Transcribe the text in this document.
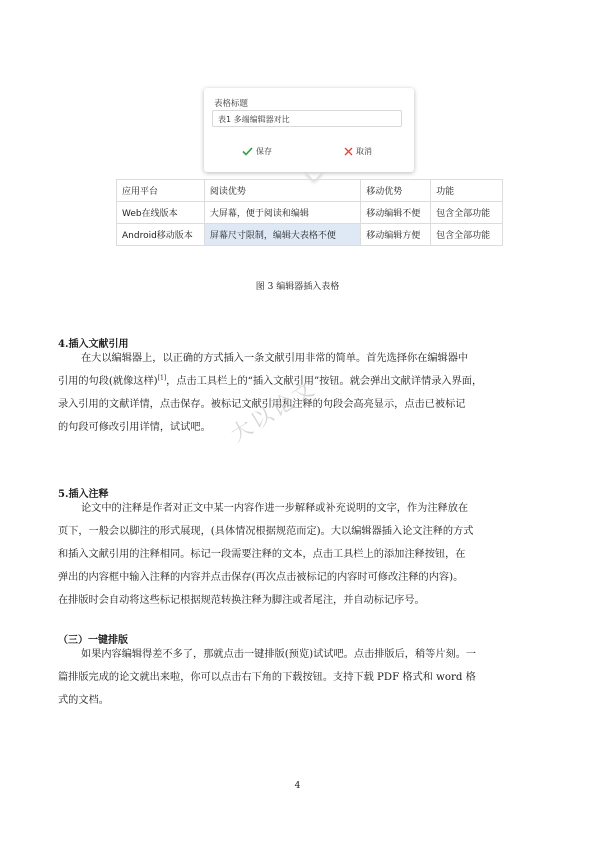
表格标题
表1 多端编辑器对比
保存	取消
应用平台	阅读优势	移动优势	功能
Web在线版本	大屏幕，便于阅读和编辑	移动编辑不便	包含全部功能
Android移动版本	屏幕尺寸限制，编辑大表格不便	移动编辑方便	包含全部功能
图 3 编辑器插入表格
4.插入文献引用
在大以编辑器上，以正确的方式插入一条文献引用非常的简单。首先选择你在编辑器中
引用的句段(就像这样)[1]，点击工具栏上的“插入文献引用”按钮。就会弹出文献详情录入界面，
录入引用的文献详情，点击保存。被标记文献引用和注释的句段会高亮显示，点击已被标记
的句段可修改引用详情，试试吧。 大以论文
5.插入注释
论文中的注释是作者对正文中某一内容作进一步解释或补充说明的文字，作为注释放在
页下，一般会以脚注的形式展现，(具体情况根据规范而定)。大以编辑器插入论文注释的方式
和插入文献引用的注释相同。标记一段需要注释的文本，点击工具栏上的添加注释按钮，在
弹出的内容框中输入注释的内容并点击保存(再次点击被标记的内容时可修改注释的内容)。
在排版时会自动将这些标记根据规范转换注释为脚注或者尾注，并自动标记序号。
（三）一键排版
如果内容编辑得差不多了，那就点击一键排版(预览)试试吧。点击排版后，稍等片刻。一
篇排版完成的论文就出来啦，你可以点击右下角的下载按钮。支持下载 PDF 格式和 word 格
式的文档。
4
